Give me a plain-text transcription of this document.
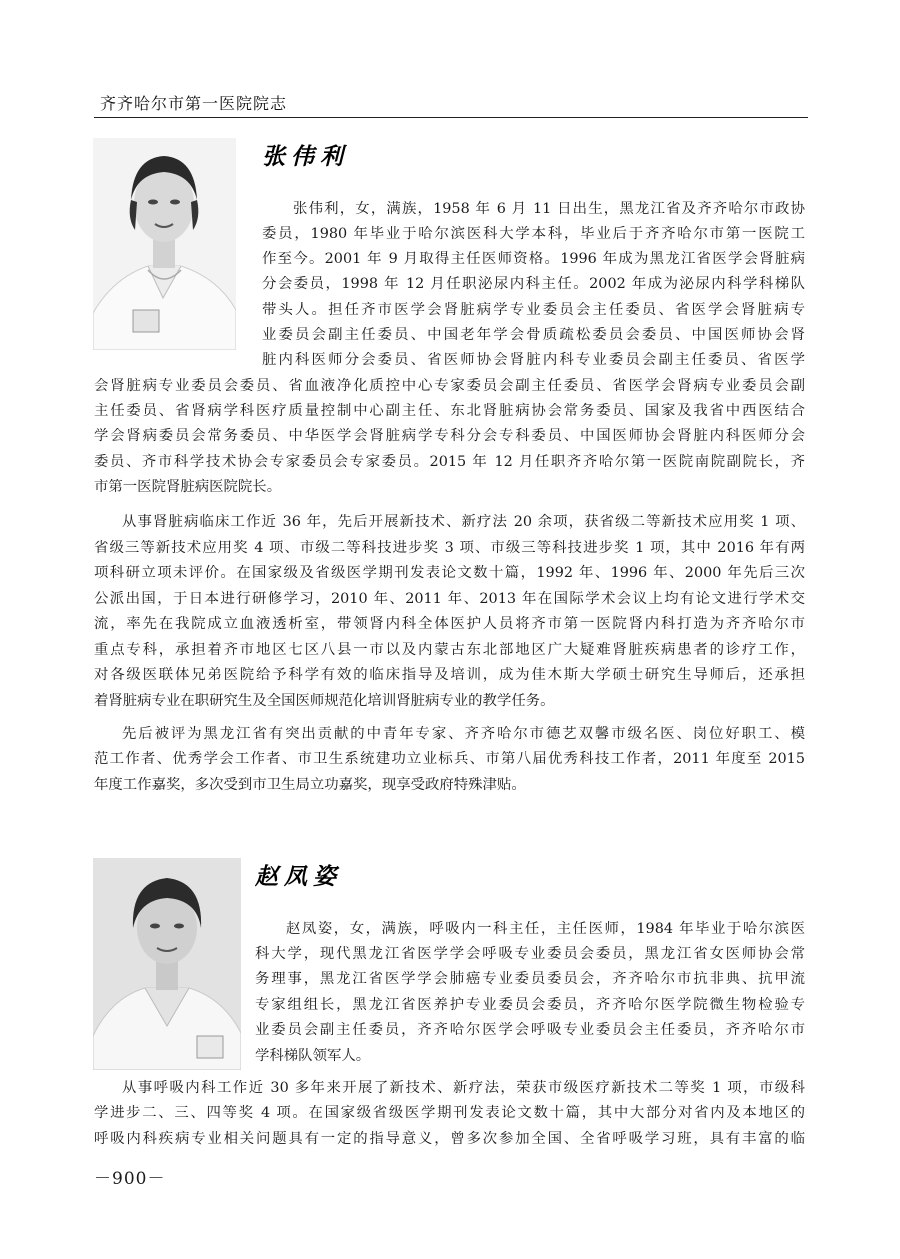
齐齐哈尔市第一医院院志
张伟利

张伟利，女，满族，1958 年 6 月 11 日出生，黑龙江省及齐齐哈尔市政协

委员，1980 年毕业于哈尔滨医科大学本科，毕业后于齐齐哈尔市第一医院工

作至今。2001 年 9 月取得主任医师资格。1996 年成为黑龙江省医学会肾脏病

分会委员，1998 年 12 月任职泌尿内科主任。2002 年成为泌尿内科学科梯队

带头人。担任齐市医学会肾脏病学专业委员会主任委员、省医学会肾脏病专

业委员会副主任委员、中国老年学会骨质疏松委员会委员、中国医师协会肾

脏内科医师分会委员、省医师协会肾脏内科专业委员会副主任委员、省医学

会肾脏病专业委员会委员、省血液净化质控中心专家委员会副主任委员、省医学会肾病专业委员会副

主任委员、省肾病学科医疗质量控制中心副主任、东北肾脏病协会常务委员、国家及我省中西医结合

学会肾病委员会常务委员、中华医学会肾脏病学专科分会专科委员、中国医师协会肾脏内科医师分会

委员、齐市科学技术协会专家委员会专家委员。2015 年 12 月任职齐齐哈尔第一医院南院副院长，齐

市第一医院肾脏病医院院长。

从事肾脏病临床工作近 36 年，先后开展新技术、新疗法 20 余项，获省级二等新技术应用奖 1 项、

省级三等新技术应用奖 4 项、市级二等科技进步奖 3 项、市级三等科技进步奖 1 项，其中 2016 年有两

项科研立项未评价。在国家级及省级医学期刊发表论文数十篇，1992 年、1996 年、2000 年先后三次

公派出国，于日本进行研修学习，2010 年、2011 年、2013 年在国际学术会议上均有论文进行学术交

流，率先在我院成立血液透析室，带领肾内科全体医护人员将齐市第一医院肾内科打造为齐齐哈尔市

重点专科，承担着齐市地区七区八县一市以及内蒙古东北部地区广大疑难肾脏疾病患者的诊疗工作，

对各级医联体兄弟医院给予科学有效的临床指导及培训，成为佳木斯大学硕士研究生导师后，还承担

着肾脏病专业在职研究生及全国医师规范化培训肾脏病专业的教学任务。

先后被评为黑龙江省有突出贡献的中青年专家、齐齐哈尔市德艺双馨市级名医、岗位好职工、模

范工作者、优秀学会工作者、市卫生系统建功立业标兵、市第八届优秀科技工作者，2011 年度至 2015

年度工作嘉奖，多次受到市卫生局立功嘉奖，现享受政府特殊津贴。

赵凤姿

赵凤姿，女，满族，呼吸内一科主任，主任医师，1984 年毕业于哈尔滨医

科大学，现代黑龙江省医学学会呼吸专业委员会委员，黑龙江省女医师协会常

务理事，黑龙江省医学学会肺癌专业委员委员会，齐齐哈尔市抗非典、抗甲流

专家组组长，黑龙江省医养护专业委员会委员，齐齐哈尔医学院微生物检验专

业委员会副主任委员，齐齐哈尔医学会呼吸专业委员会主任委员，齐齐哈尔市

学科梯队领军人。

从事呼吸内科工作近 30 多年来开展了新技术、新疗法，荣获市级医疗新技术二等奖 1 项，市级科

学进步二、三、四等奖 4 项。在国家级省级医学期刊发表论文数十篇，其中大部分对省内及本地区的

呼吸内科疾病专业相关问题具有一定的指导意义，曾多次参加全国、全省呼吸学习班，具有丰富的临

－900－
